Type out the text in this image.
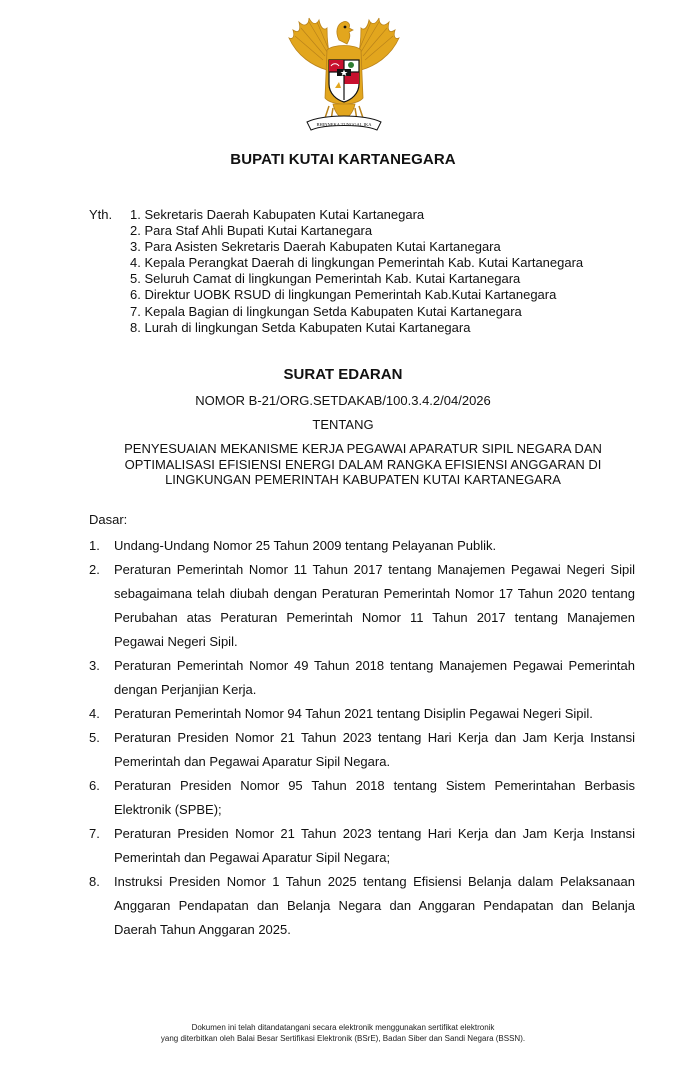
BHINNEKA TUNGGAL IKA
BUPATI KUTAI KARTANEGARA
Yth. 1. Sekretaris Daerah Kabupaten Kutai Kartanegara
2. Para Staf Ahli Bupati Kutai Kartanegara
3. Para Asisten Sekretaris Daerah Kabupaten Kutai Kartanegara
4. Kepala Perangkat Daerah di lingkungan Pemerintah Kab. Kutai Kartanegara
5. Seluruh Camat di lingkungan Pemerintah Kab. Kutai Kartanegara
6. Direktur UOBK RSUD di lingkungan Pemerintah Kab.Kutai Kartanegara
7. Kepala Bagian di lingkungan Setda Kabupaten Kutai Kartanegara
8. Lurah di lingkungan Setda Kabupaten Kutai Kartanegara
SURAT EDARAN
NOMOR B-21/ORG.SETDAKAB/100.3.4.2/04/2026
TENTANG
PENYESUAIAN MEKANISME KERJA PEGAWAI APARATUR SIPIL NEGARA DAN
OPTIMALISASI EFISIENSI ENERGI DALAM RANGKA EFISIENSI ANGGARAN DI
LINGKUNGAN PEMERINTAH KABUPATEN KUTAI KARTANEGARA
Dasar:
1. Undang-Undang Nomor 25 Tahun 2009 tentang Pelayanan Publik.
2. Peraturan Pemerintah Nomor 11 Tahun 2017 tentang Manajemen Pegawai Negeri Sipil sebagaimana telah diubah dengan Peraturan Pemerintah Nomor 17 Tahun 2020 tentang Perubahan atas Peraturan Pemerintah Nomor 11 Tahun 2017 tentang Manajemen Pegawai Negeri Sipil.
3. Peraturan Pemerintah Nomor 49 Tahun 2018 tentang Manajemen Pegawai Pemerintah dengan Perjanjian Kerja.
4. Peraturan Pemerintah Nomor 94 Tahun 2021 tentang Disiplin Pegawai Negeri Sipil.
5. Peraturan Presiden Nomor 21 Tahun 2023 tentang Hari Kerja dan Jam Kerja Instansi Pemerintah dan Pegawai Aparatur Sipil Negara.
6. Peraturan Presiden Nomor 95 Tahun 2018 tentang Sistem Pemerintahan Berbasis Elektronik (SPBE);
7. Peraturan Presiden Nomor 21 Tahun 2023 tentang Hari Kerja dan Jam Kerja Instansi Pemerintah dan Pegawai Aparatur Sipil Negara;
8. Instruksi Presiden Nomor 1 Tahun 2025 tentang Efisiensi Belanja dalam Pelaksanaan Anggaran Pendapatan dan Belanja Negara dan Anggaran Pendapatan dan Belanja Daerah Tahun Anggaran 2025.
Dokumen ini telah ditandatangani secara elektronik menggunakan sertifikat elektronik
yang diterbitkan oleh Balai Besar Sertifikasi Elektronik (BSrE), Badan Siber dan Sandi Negara (BSSN).
